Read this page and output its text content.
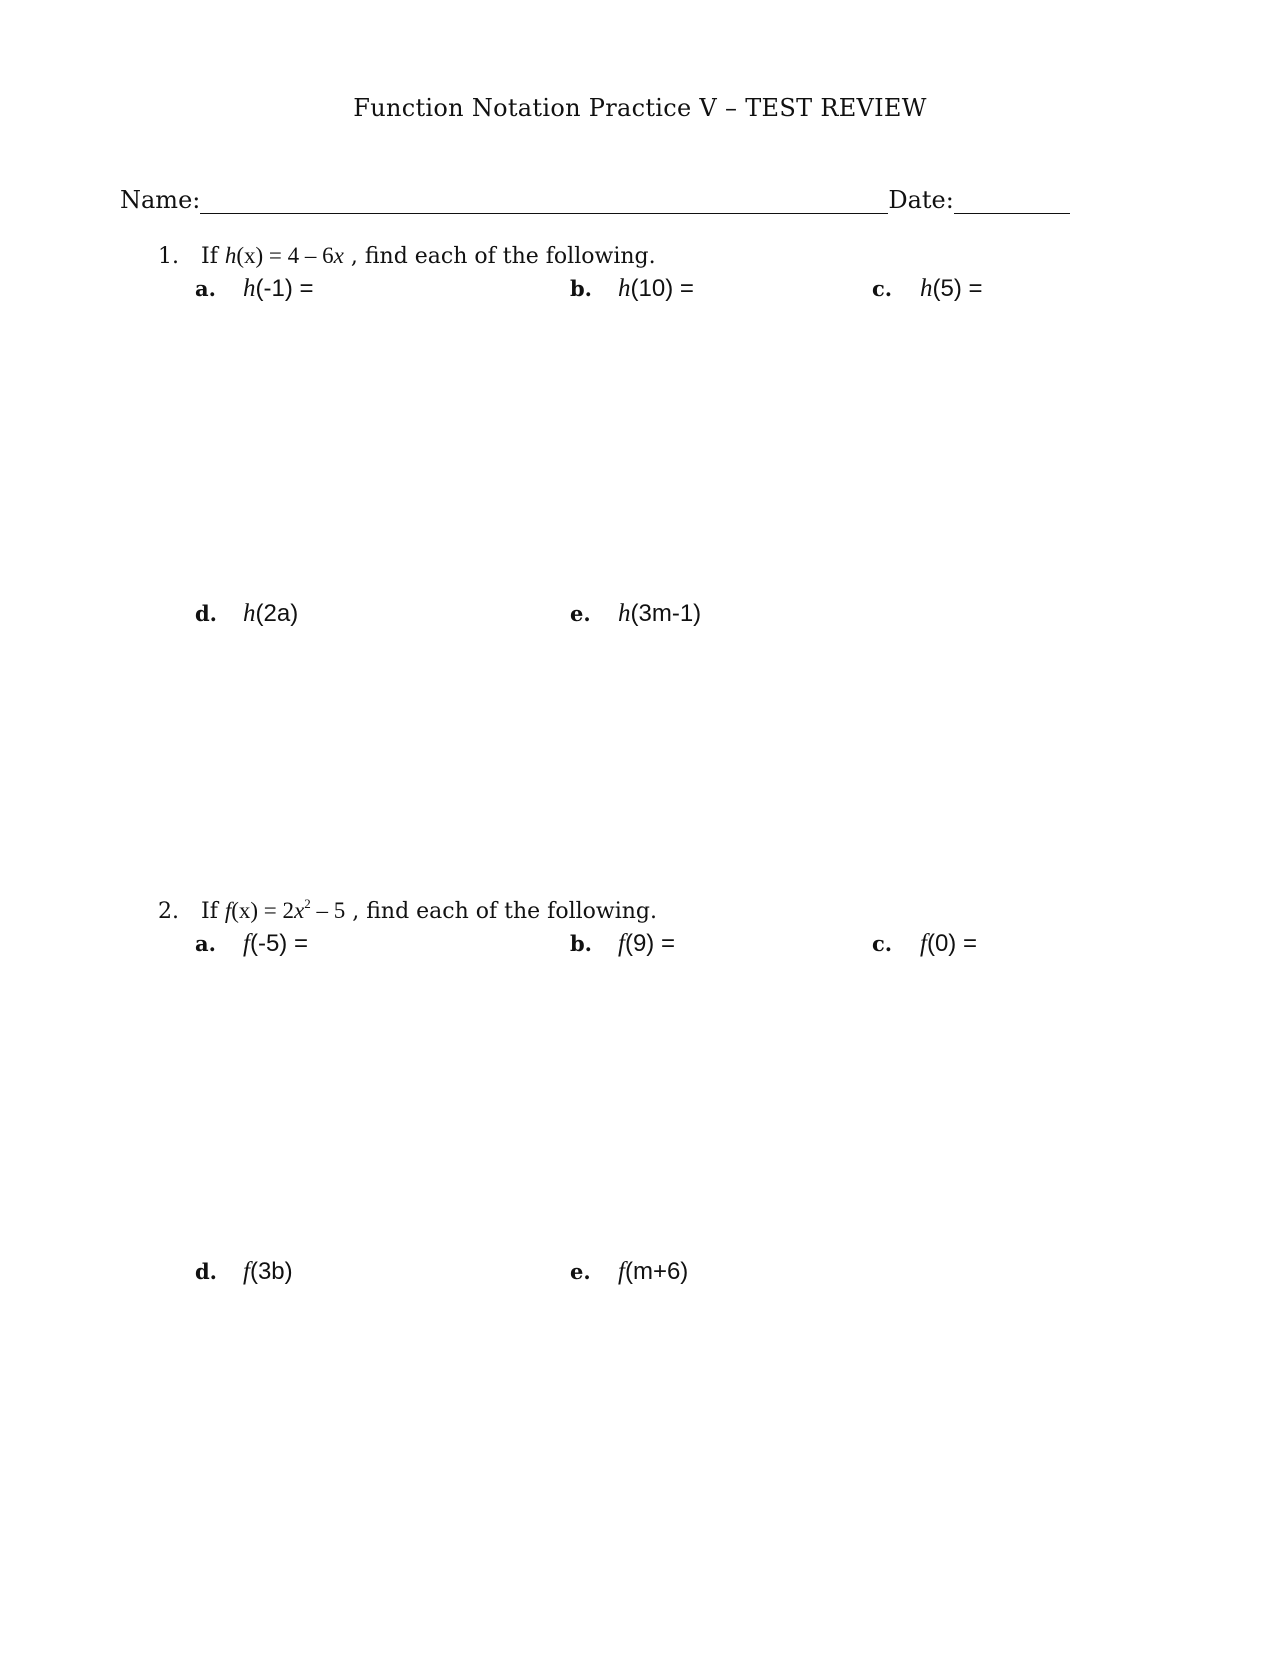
Function Notation Practice V – TEST REVIEW
Name:	Date:
1. If h(x) = 4 – 6x , find each of the following.
a.	h(-1) =	b.	h(10) =	c.	h(5) =
d.	h(2a)	e.	h(3m-1)
2. If $f(x) = 2x^2 - 5$ , find each of the following.
a.	f(-5) =	b.	f(9) =	c.	f(0) =
d.	f(3b)	e.	f(m+6)
